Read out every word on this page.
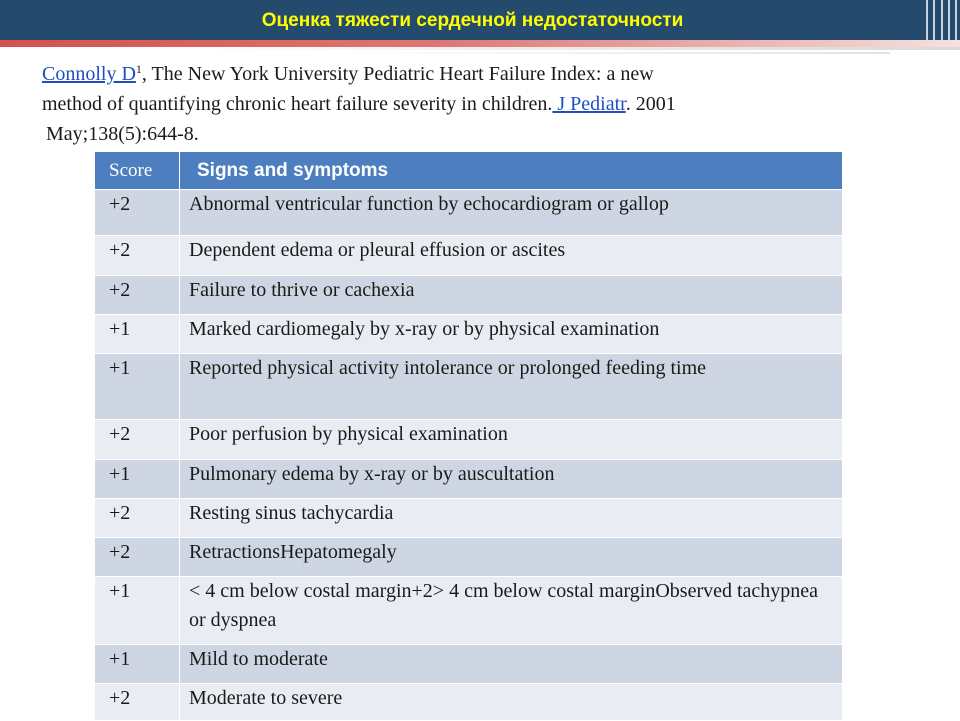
Оценка тяжести сердечной недостаточности
Connolly $D^1$, The New York University Pediatric Heart Failure Index: a new
method of quantifying chronic heart failure severity in children. J Pediatr. 2001
May;138(5):644-8.
Score	Signs and symptoms
+2	Abnormal ventricular function by echocardiogram or gallop
+2	Dependent edema or pleural effusion or ascites
+2	Failure to thrive or cachexia
+1	Marked cardiomegaly by x-ray or by physical examination
+1	Reported physical activity intolerance or prolonged feeding time
+2	Poor perfusion by physical examination
+1	Pulmonary edema by x-ray or by auscultation
+2	Resting sinus tachycardia
+2	RetractionsHepatomegaly
+1	< 4 cm below costal margin+2> 4 cm below costal marginObserved tachypnea or dyspnea
+1	Mild to moderate
+2	Moderate to severe
